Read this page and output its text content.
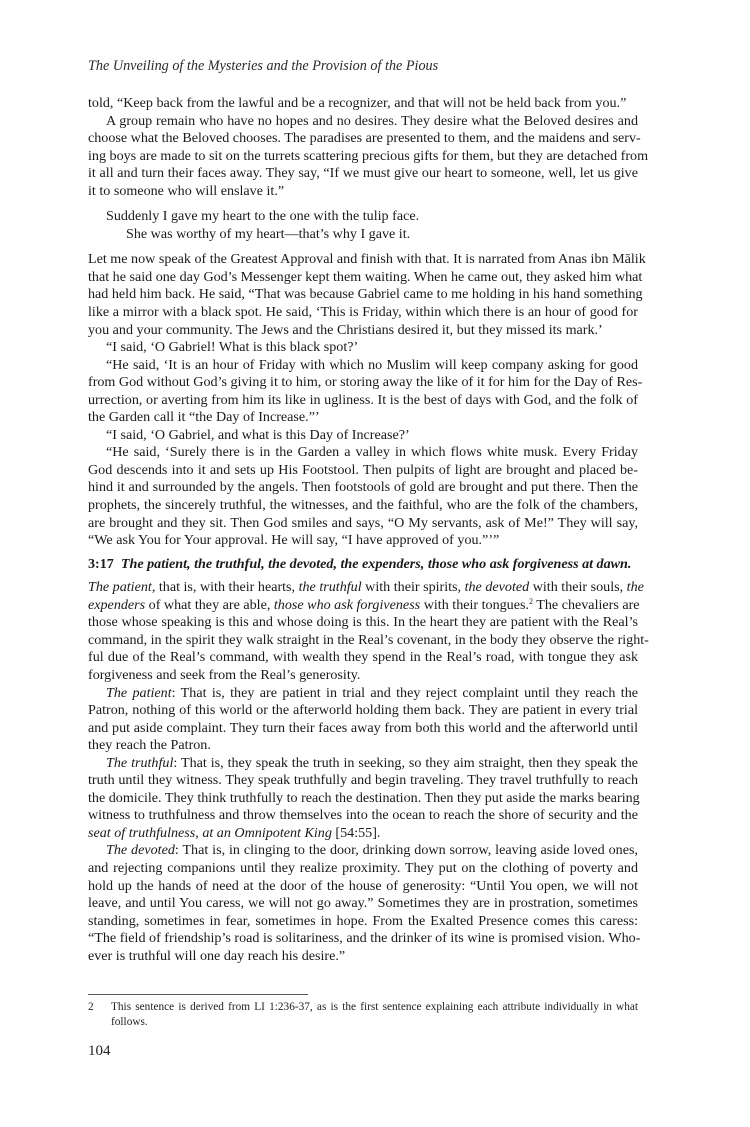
The Unveiling of the Mysteries and the Provision of the Pious
told, “Keep back from the lawful and be a recognizer, and that will not be held back from you.”
A group remain who have no hopes and no desires. They desire what the Beloved desires and
choose what the Beloved chooses. The paradises are presented to them, and the maidens and serv-
ing boys are made to sit on the turrets scattering precious gifts for them, but they are detached from
it all and turn their faces away. They say, “If we must give our heart to someone, well, let us give
it to someone who will enslave it.”
Suddenly I gave my heart to the one with the tulip face.
She was worthy of my heart—that’s why I gave it.
Let me now speak of the Greatest Approval and finish with that. It is narrated from Anas ibn Mālik
that he said one day God’s Messenger kept them waiting. When he came out, they asked him what
had held him back. He said, “That was because Gabriel came to me holding in his hand something
like a mirror with a black spot. He said, ‘This is Friday, within which there is an hour of good for
you and your community. The Jews and the Christians desired it, but they missed its mark.’
“I said, ‘O Gabriel! What is this black spot?’
“He said, ‘It is an hour of Friday with which no Muslim will keep company asking for good
from God without God’s giving it to him, or storing away the like of it for him for the Day of Res-
urrection, or averting from him its like in ugliness. It is the best of days with God, and the folk of
the Garden call it “the Day of Increase.”’
“I said, ‘O Gabriel, and what is this Day of Increase?’
“He said, ‘Surely there is in the Garden a valley in which flows white musk. Every Friday
God descends into it and sets up His Footstool. Then pulpits of light are brought and placed be-
hind it and surrounded by the angels. Then footstools of gold are brought and put there. Then the
prophets, the sincerely truthful, the witnesses, and the faithful, who are the folk of the chambers,
are brought and they sit. Then God smiles and says, “O My servants, ask of Me!” They will say,
“We ask You for Your approval. He will say, “I have approved of you.”’”
3:17 The patient, the truthful, the devoted, the expenders, those who ask forgiveness at dawn.
The patient, that is, with their hearts, the truthful with their spirits, the devoted with their souls, the
expenders of what they are able, those who ask forgiveness with their tongues.$^2$ The chevaliers are
those whose speaking is this and whose doing is this. In the heart they are patient with the Real’s
command, in the spirit they walk straight in the Real’s covenant, in the body they observe the right-
ful due of the Real’s command, with wealth they spend in the Real’s road, with tongue they ask
forgiveness and seek from the Real’s generosity.
The patient: That is, they are patient in trial and they reject complaint until they reach the
Patron, nothing of this world or the afterworld holding them back. They are patient in every trial
and put aside complaint. They turn their faces away from both this world and the afterworld until
they reach the Patron.
The truthful: That is, they speak the truth in seeking, so they aim straight, then they speak the
truth until they witness. They speak truthfully and begin traveling. They travel truthfully to reach
the domicile. They think truthfully to reach the destination. Then they put aside the marks bearing
witness to truthfulness and throw themselves into the ocean to reach the shore of security and the
seat of truthfulness, at an Omnipotent King [54:55].
The devoted: That is, in clinging to the door, drinking down sorrow, leaving aside loved ones,
and rejecting companions until they realize proximity. They put on the clothing of poverty and
hold up the hands of need at the door of the house of generosity: “Until You open, we will not
leave, and until You caress, we will not go away.” Sometimes they are in prostration, sometimes
standing, sometimes in fear, sometimes in hope. From the Exalted Presence comes this caress:
“The field of friendship’s road is solitariness, and the drinker of its wine is promised vision. Who-
ever is truthful will one day reach his desire.”
2 This sentence is derived from LI 1:236-37, as is the first sentence explaining each attribute individually in what follows.
104
